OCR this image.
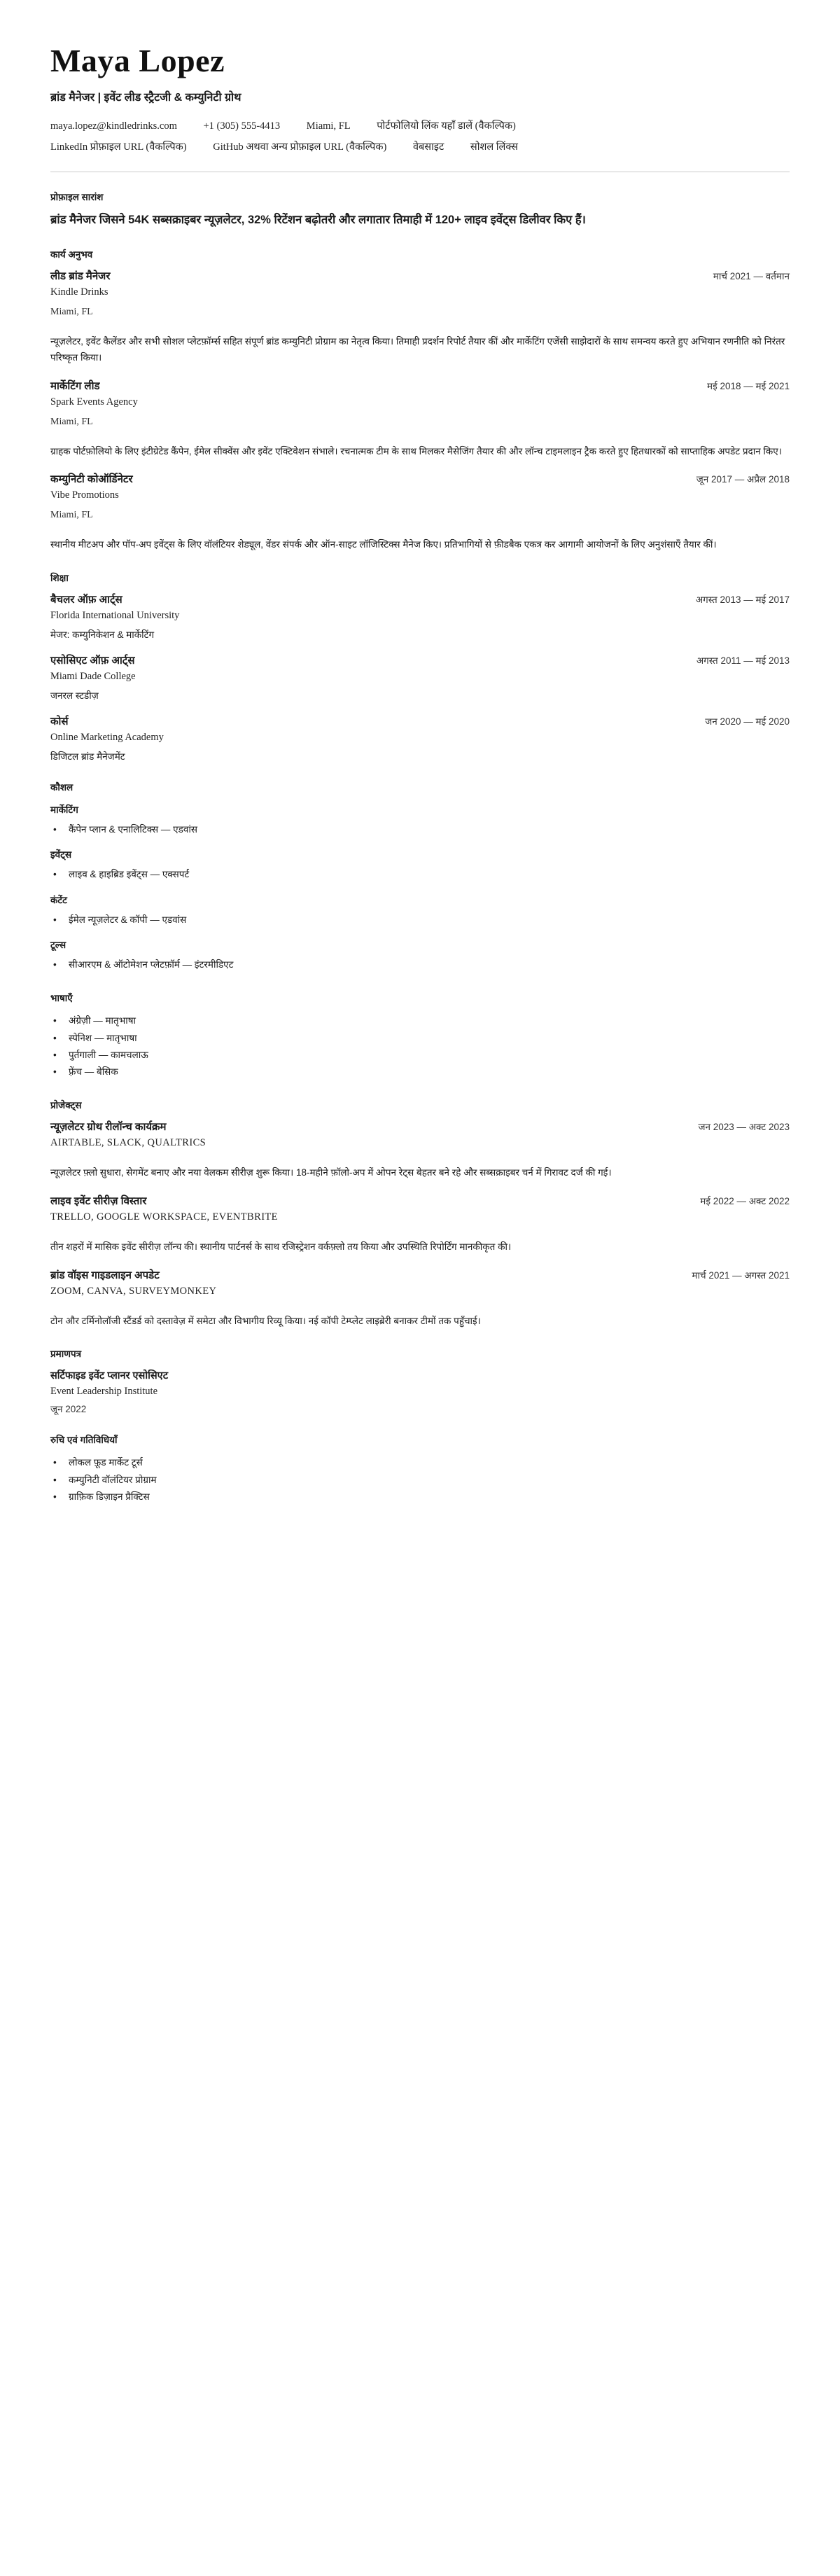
Maya Lopez
ब्रांड मैनेजर | इवेंट लीड स्ट्रैटजी & कम्युनिटी ग्रोथ
maya.lopez@kindledrinks.com	+1 (305) 555-4413	Miami, FL	पोर्टफोलियो लिंक यहाँ डालें (वैकल्पिक)
LinkedIn प्रोफ़ाइल URL (वैकल्पिक)	GitHub अथवा अन्य प्रोफ़ाइल URL (वैकल्पिक)	वेबसाइट	सोशल लिंक्स
प्रोफ़ाइल सारांश
ब्रांड मैनेजर जिसने 54K सब्सक्राइबर न्यूज़लेटर, 32% रिटेंशन बढ़ोतरी और लगातार तिमाही में 120+ लाइव इवेंट्स डिलीवर किए हैं।
कार्य अनुभव
लीड ब्रांड मैनेजर	मार्च 2021 — वर्तमान
Kindle Drinks
Miami, FL
न्यूज़लेटर, इवेंट कैलेंडर और सभी सोशल प्लेटफ़ॉर्म्स सहित संपूर्ण ब्रांड कम्युनिटी प्रोग्राम का नेतृत्व किया। तिमाही प्रदर्शन रिपोर्ट तैयार कीं और मार्केटिंग एजेंसी साझेदारों के साथ समन्वय करते हुए अभियान रणनीति को निरंतर परिष्कृत किया।
मार्केटिंग लीड	मई 2018 — मई 2021
Spark Events Agency
Miami, FL
ग्राहक पोर्टफ़ोलियो के लिए इंटीग्रेटेड कैंपेन, ईमेल सीक्वेंस और इवेंट एक्टिवेशन संभाले। रचनात्मक टीम के साथ मिलकर मैसेजिंग तैयार की और लॉन्च टाइमलाइन ट्रैक करते हुए हितधारकों को साप्ताहिक अपडेट प्रदान किए।
कम्युनिटी कोऑर्डिनेटर	जून 2017 — अप्रैल 2018
Vibe Promotions
Miami, FL
स्थानीय मीटअप और पॉप-अप इवेंट्स के लिए वॉलंटियर शेड्यूल, वेंडर संपर्क और ऑन-साइट लॉजिस्टिक्स मैनेज किए। प्रतिभागियों से फ़ीडबैक एकत्र कर आगामी आयोजनों के लिए अनुशंसाएँ तैयार कीं।
शिक्षा
बैचलर ऑफ़ आर्ट्स	अगस्त 2013 — मई 2017
Florida International University
मेजर: कम्युनिकेशन & मार्केटिंग
एसोसिएट ऑफ़ आर्ट्स	अगस्त 2011 — मई 2013
Miami Dade College
जनरल स्टडीज़
कोर्स	जन 2020 — मई 2020
Online Marketing Academy
डिजिटल ब्रांड मैनेजमेंट
कौशल
मार्केटिंग
• कैंपेन प्लान & एनालिटिक्स — एडवांस
इवेंट्स
• लाइव & हाइब्रिड इवेंट्स — एक्सपर्ट
कंटेंट
• ईमेल न्यूज़लेटर & कॉपी — एडवांस
टूल्स
• सीआरएम & ऑटोमेशन प्लेटफ़ॉर्म — इंटरमीडिएट
भाषाएँ
• अंग्रेज़ी — मातृभाषा
• स्पेनिश — मातृभाषा
• पुर्तगाली — कामचलाऊ
• फ़्रेंच — बेसिक
प्रोजेक्ट्स
न्यूज़लेटर ग्रोथ रीलॉन्च कार्यक्रम	जन 2023 — अक्ट 2023
AIRTABLE, SLACK, QUALTRICS
न्यूज़लेटर फ़्लो सुधारा, सेगमेंट बनाए और नया वेलकम सीरीज़ शुरू किया। 18-महीने फ़ॉलो-अप में ओपन रेट्स बेहतर बने रहे और सब्सक्राइबर चर्न में गिरावट दर्ज की गई।
लाइव इवेंट सीरीज़ विस्तार	मई 2022 — अक्ट 2022
TRELLO, GOOGLE WORKSPACE, EVENTBRITE
तीन शहरों में मासिक इवेंट सीरीज़ लॉन्च की। स्थानीय पार्टनर्स के साथ रजिस्ट्रेशन वर्कफ़्लो तय किया और उपस्थिति रिपोर्टिंग मानकीकृत की।
ब्रांड वॉइस गाइडलाइन अपडेट	मार्च 2021 — अगस्त 2021
ZOOM, CANVA, SURVEYMONKEY
टोन और टर्मिनोलॉजी स्टैंडर्ड को दस्तावेज़ में समेटा और विभागीय रिव्यू किया। नई कॉपी टेम्प्लेट लाइब्रेरी बनाकर टीमों तक पहुँचाई।
प्रमाणपत्र
सर्टिफाइड इवेंट प्लानर एसोसिएट
Event Leadership Institute
जून 2022
रुचि एवं गतिविधियाँ
• लोकल फ़ूड मार्केट टूर्स
• कम्युनिटी वॉलंटियर प्रोग्राम
• ग्राफ़िक डिज़ाइन प्रैक्टिस
